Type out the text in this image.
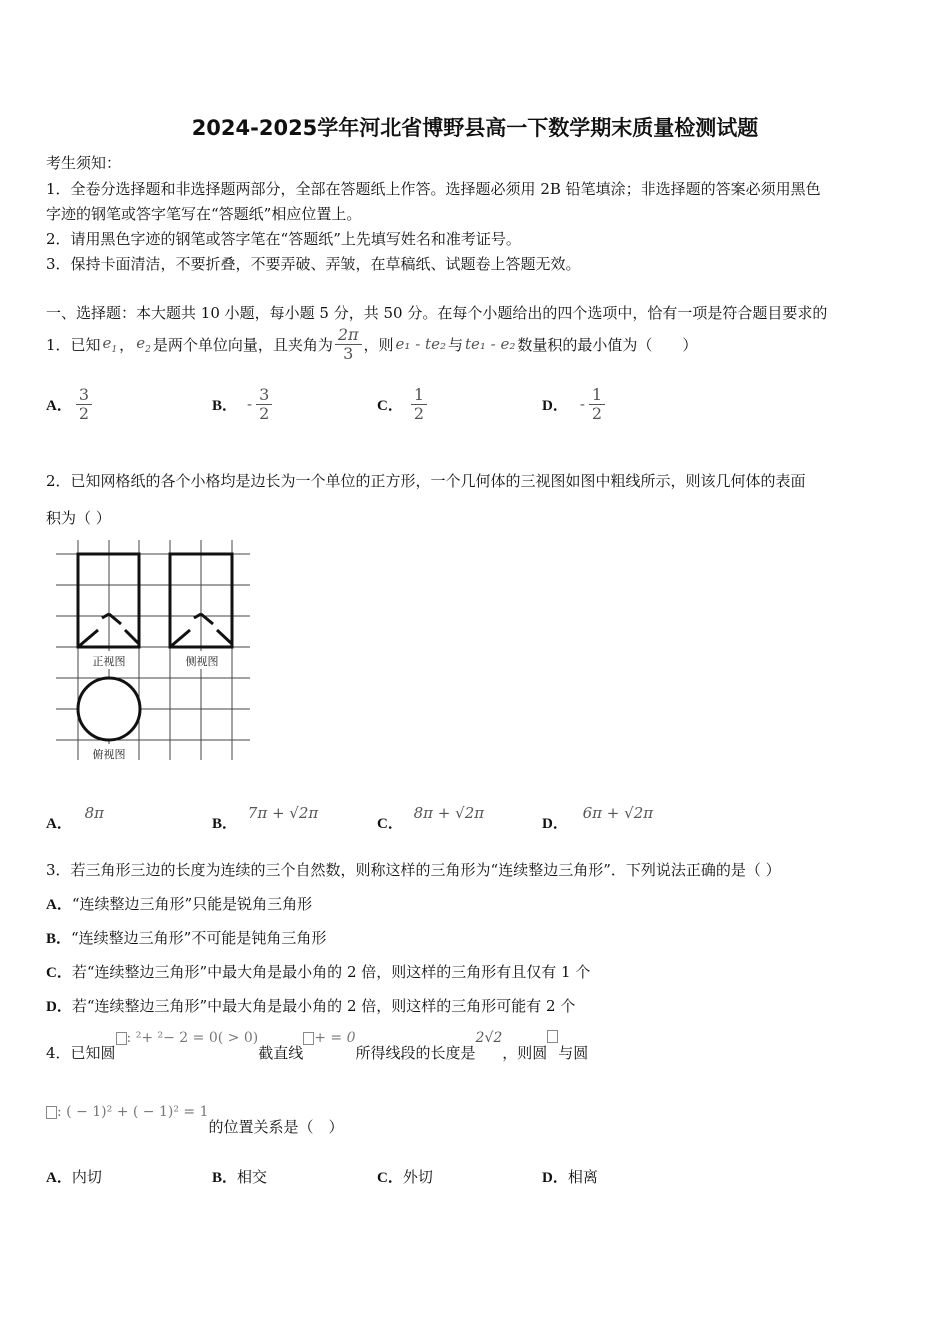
2024-2025学年河北省博野县高一下数学期末质量检测试题
考生须知：
1．全卷分选择题和非选择题两部分，全部在答题纸上作答。选择题必须用 2B 铅笔填涂；非选择题的答案必须用黑色
字迹的钢笔或答字笔写在“答题纸”相应位置上。
2．请用黑色字迹的钢笔或答字笔在“答题纸”上先填写姓名和准考证号。
3．保持卡面清洁，不要折叠，不要弄破、弄皱，在草稿纸、试题卷上答题无效。
一、选择题：本大题共 10 小题，每小题 5 分，共 50 分。在每个小题给出的四个选项中，恰有一项是符合题目要求的
1．已知 $e_1$ ， $e_2$ 是两个单位向量，且夹角为 $\frac{2\pi}{3}$ ，则 e₁ - te₂ 与 te₁ - e₂ 数量积的最小值为（　　）
A． $\frac{3}{2}$	B． - $\frac{3}{2}$	C． $\frac{1}{2}$	D． - $\frac{1}{2}$
2．已知网格纸的各个小格均是边长为一个单位的正方形，一个几何体的三视图如图中粗线所示，则该几何体的表面
积为（ ）
正视图	侧视图
俯视图
A． 8π
B． 7π + √2π
C． 8π + √2π
D． 6π + √2π
3．若三角形三边的长度为连续的三个自然数，则称这样的三角形为“连续整边三角形”．下列说法正确的是（ ）
A．“连续整边三角形”只能是锐角三角形
B．“连续整边三角形”不可能是钝角三角形
C．若“连续整边三角形”中最大角是最小角的 2 倍，则这样的三角形有且仅有 1 个
D．若“连续整边三角形”中最大角是最小角的 2 倍，则这样的三角形可能有 2 个
4．已知圆
: ²+ ²− 2 = 0( > 0)
截直线
+ = 0
所得线段的长度是
2√2
，则圆 与圆
: ( − 1)² + ( − 1)² = 1
的位置关系是（　）
A．内切	B．相交	C．外切	D．相离
